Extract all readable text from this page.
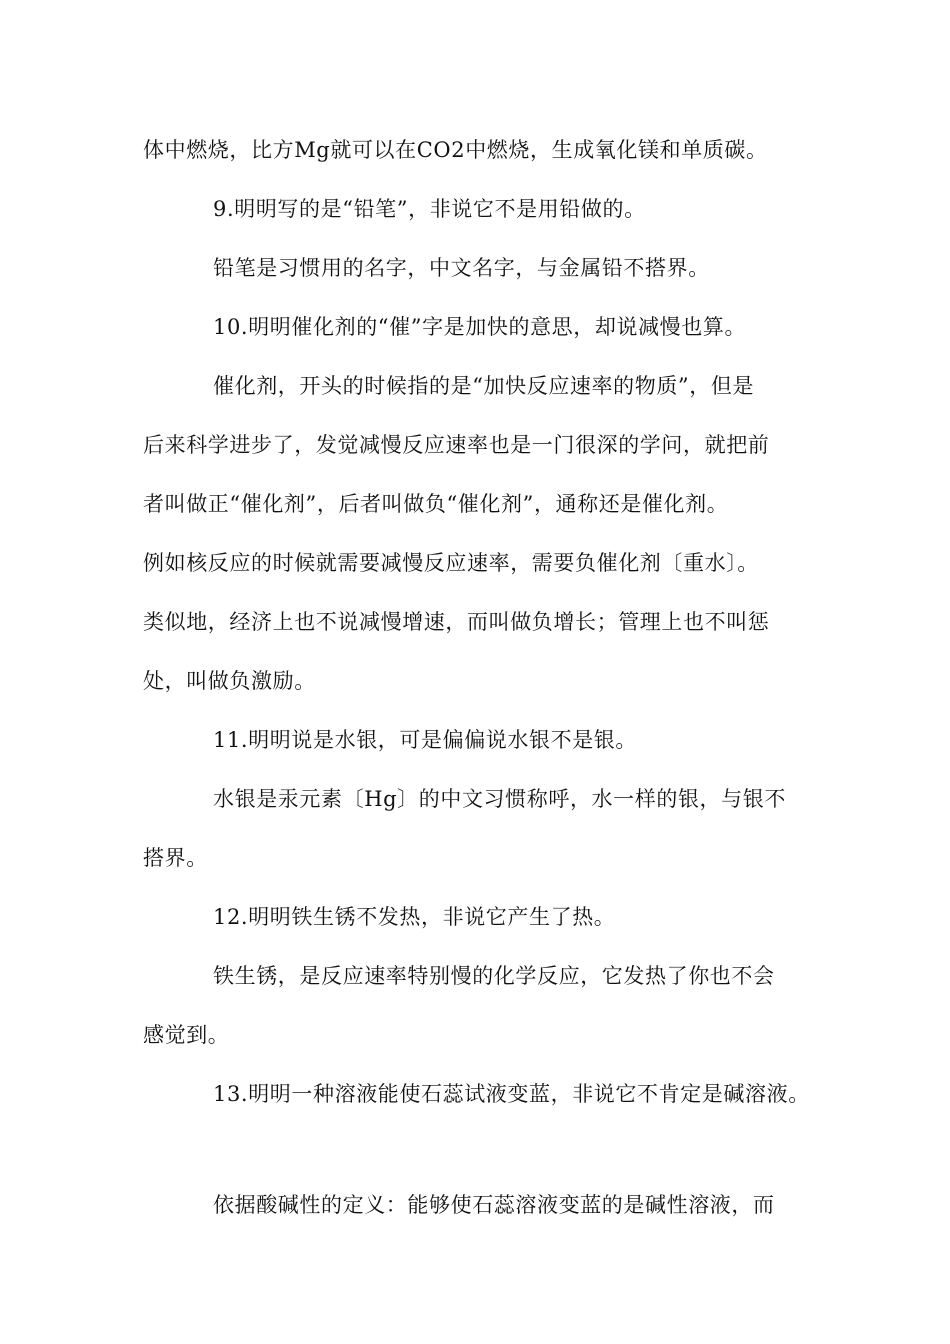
体中燃烧，比方Mg就可以在CO2中燃烧，生成氧化镁和单质碳。
9.明明写的是“铅笔”，非说它不是用铅做的。
铅笔是习惯用的名字，中文名字，与金属铅不搭界。
10.明明催化剂的“催”字是加快的意思，却说减慢也算。
催化剂，开头的时候指的是“加快反应速率的物质”，但是
后来科学进步了，发觉减慢反应速率也是一门很深的学问，就把前
者叫做正“催化剂”，后者叫做负“催化剂”，通称还是催化剂。
例如核反应的时候就需要减慢反应速率，需要负催化剂〔重水〕。
类似地，经济上也不说减慢增速，而叫做负增长；管理上也不叫惩
处，叫做负激励。
11.明明说是水银，可是偏偏说水银不是银。
水银是汞元素〔Hg〕的中文习惯称呼，水一样的银，与银不
搭界。
12.明明铁生锈不发热，非说它产生了热。
铁生锈，是反应速率特别慢的化学反应，它发热了你也不会
感觉到。
13.明明一种溶液能使石蕊试液变蓝，非说它不肯定是碱溶液。
依据酸碱性的定义：能够使石蕊溶液变蓝的是碱性溶液，而
